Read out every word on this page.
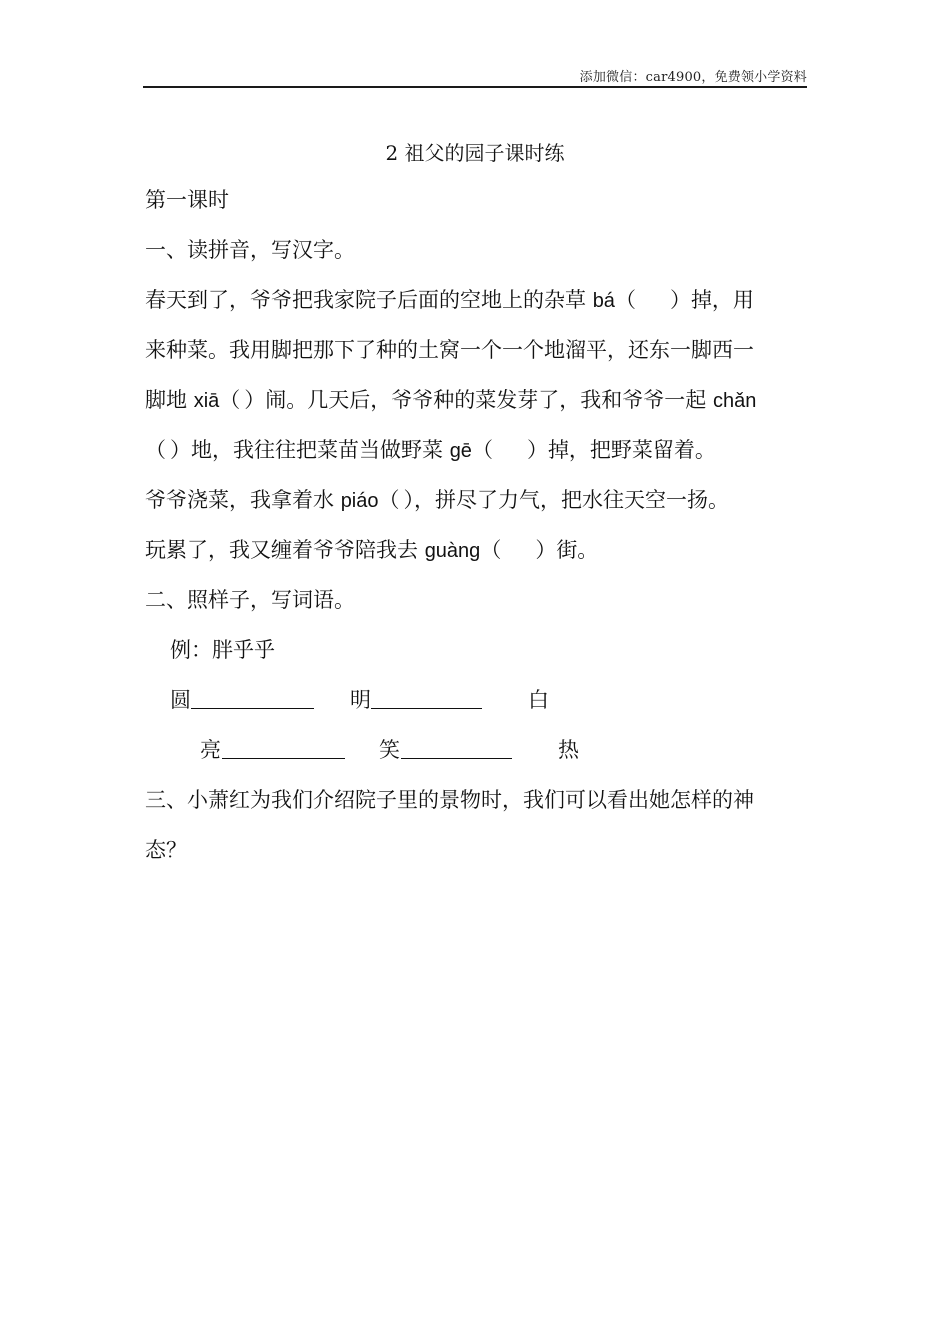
添加微信：car4900，免费领小学资料
2 祖父的园子课时练
第一课时
一、读拼音，写汉字。
春天到了，爷爷把我家院子后面的空地上的杂草 bá（ ）掉，用
来种菜。我用脚把那下了种的土窝一个一个地溜平，还东一脚西一
脚地 xiā（ ）闹。几天后，爷爷种的菜发芽了，我和爷爷一起 chǎn
（ ）地，我往往把菜苗当做野菜 gē（ ）掉，把野菜留着。
爷爷浇菜，我拿着水 piáo（ ），拼尽了力气，把水往天空一扬。
玩累了，我又缠着爷爷陪我去 guàng（ ）街。
二、照样子，写词语。
例：胖乎乎
圆	明	白
亮	笑	热
三、小萧红为我们介绍院子里的景物时，我们可以看出她怎样的神
态？
